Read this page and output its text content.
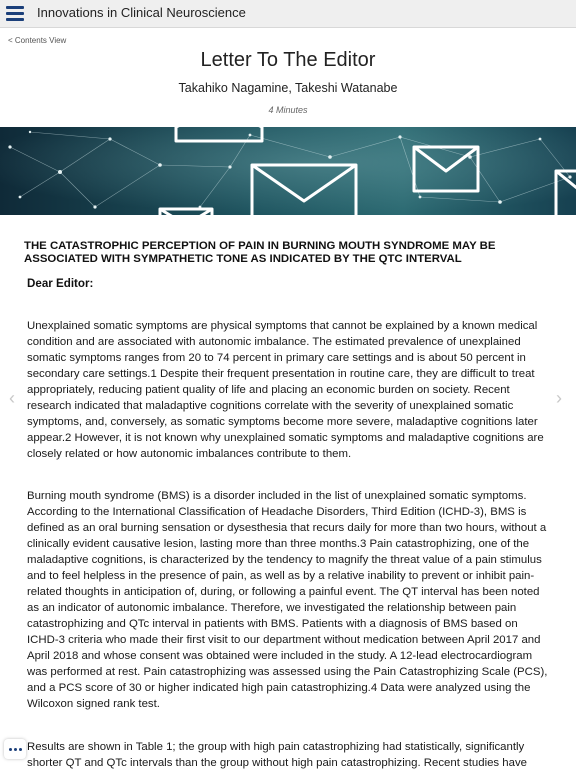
Innovations in Clinical Neuroscience
< Contents View
Letter To The Editor
Takahiko Nagamine, Takeshi Watanabe
4 Minutes
THE CATASTROPHIC PERCEPTION OF PAIN IN BURNING MOUTH SYNDROME MAY BE ASSOCIATED WITH SYMPATHETIC TONE AS INDICATED BY THE QTC INTERVAL
Dear Editor:

Unexplained somatic symptoms are physical symptoms that cannot be explained by a known medical condition and are associated with autonomic imbalance. The estimated prevalence of unexplained somatic symptoms ranges from 20 to 74 percent in primary care settings and is about 50 percent in secondary care settings.1 Despite their frequent presentation in routine care, they are difficult to treat appropriately, reducing patient quality of life and placing an economic burden on society. Recent research indicated that maladaptive cognitions correlate with the severity of unexplained somatic symptoms, and, conversely, as somatic symptoms become more severe, maladaptive cognitions later appear.2 However, it is not known why unexplained somatic symptoms and maladaptive cognitions are closely related or how autonomic imbalances contribute to them.

Burning mouth syndrome (BMS) is a disorder included in the list of unexplained somatic symptoms. According to the International Classification of Headache Disorders, Third Edition (ICHD-3), BMS is defined as an oral burning sensation or dysesthesia that recurs daily for more than two hours, without a clinically evident causative lesion, lasting more than three months.3 Pain catastrophizing, one of the maladaptive cognitions, is characterized by the tendency to magnify the threat value of a pain stimulus and to feel helpless in the presence of pain, as well as by a relative inability to prevent or inhibit pain-related thoughts in anticipation of, during, or following a painful event. The QT interval has been noted as an indicator of autonomic imbalance. Therefore, we investigated the relationship between pain catastrophizing and QTc interval in patients with BMS. Patients with a diagnosis of BMS based on ICHD-3 criteria who made their first visit to our department without medication between April 2017 and April 2018 and whose consent was obtained were included in the study. A 12-lead electrocardiogram was performed at rest. Pain catastrophizing was assessed using the Pain Catastrophizing Scale (PCS), and a PCS score of 30 or higher indicated high pain catastrophizing.4 Data were analyzed using the Wilcoxon signed rank test.

Results are shown in Table 1; the group with high pain catastrophizing had statistically, significantly shorter QT and QTc intervals than the group without high pain catastrophizing. Recent studies have

‹	›
